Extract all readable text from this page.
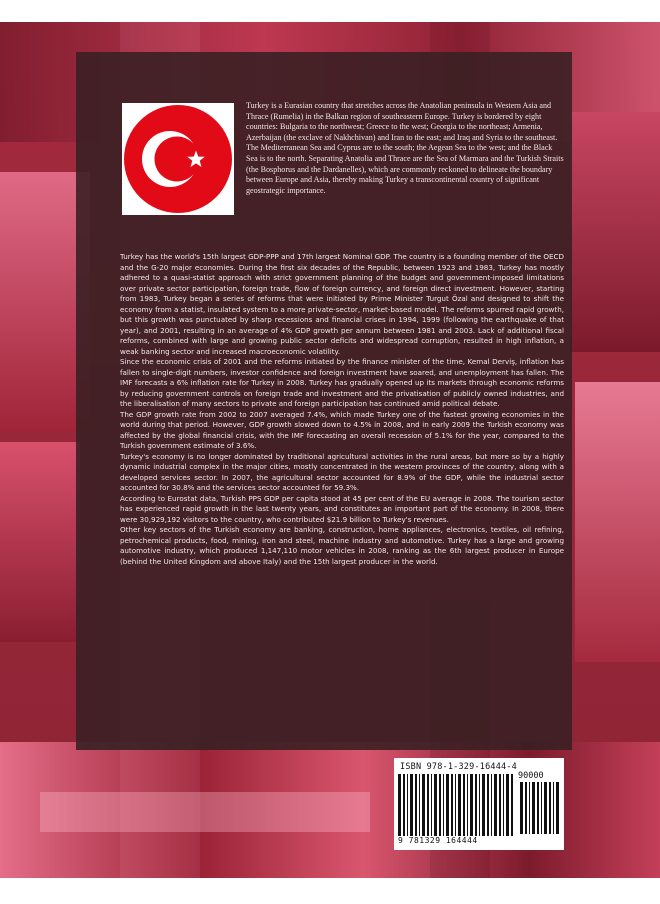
Turkey is a Eurasian country that stretches across the Anatolian peninsula in Western Asia and Thrace (Rumelia) in the Balkan region of southeastern Europe. Turkey is bordered by eight countries: Bulgaria to the northwest; Greece to the west; Georgia to the northeast; Armenia, Azerbaijan (the exclave of Nakhchivan) and Iran to the east; and Iraq and Syria to the southeast. The Mediterranean Sea and Cyprus are to the south; the Aegean Sea to the west; and the Black Sea is to the north. Separating Anatolia and Thrace are the Sea of Marmara and the Turkish Straits (the Bosphorus and the Dardanelles), which are commonly reckoned to delineate the boundary between Europe and Asia, thereby making Turkey a transcontinental country of significant geostrategic importance.

Turkey has the world's 15th largest GDP-PPP and 17th largest Nominal GDP. The country is a founding member of the OECD and the G-20 major economies. During the first six decades of the Republic, between 1923 and 1983, Turkey has mostly adhered to a quasi-statist approach with strict government planning of the budget and government-imposed limitations over private sector participation, foreign trade, flow of foreign currency, and foreign direct investment. However, starting from 1983, Turkey began a series of reforms that were initiated by Prime Minister Turgut Özal and designed to shift the economy from a statist, insulated system to a more private-sector, market-based model. The reforms spurred rapid growth, but this growth was punctuated by sharp recessions and financial crises in 1994, 1999 (following the earthquake of that year), and 2001, resulting in an average of 4% GDP growth per annum between 1981 and 2003. Lack of additional fiscal reforms, combined with large and growing public sector deficits and widespread corruption, resulted in high inflation, a weak banking sector and increased macroeconomic volatility.

Since the economic crisis of 2001 and the reforms initiated by the finance minister of the time, Kemal Derviş, inflation has fallen to single-digit numbers, investor confidence and foreign investment have soared, and unemployment has fallen. The IMF forecasts a 6% inflation rate for Turkey in 2008. Turkey has gradually opened up its markets through economic reforms by reducing government controls on foreign trade and investment and the privatisation of publicly owned industries, and the liberalisation of many sectors to private and foreign participation has continued amid political debate.

The GDP growth rate from 2002 to 2007 averaged 7.4%, which made Turkey one of the fastest growing economies in the world during that period. However, GDP growth slowed down to 4.5% in 2008, and in early 2009 the Turkish economy was affected by the global financial crisis, with the IMF forecasting an overall recession of 5.1% for the year, compared to the Turkish government estimate of 3.6%.

Turkey's economy is no longer dominated by traditional agricultural activities in the rural areas, but more so by a highly dynamic industrial complex in the major cities, mostly concentrated in the western provinces of the country, along with a developed services sector. In 2007, the agricultural sector accounted for 8.9% of the GDP, while the industrial sector accounted for 30.8% and the services sector accounted for 59.3%.

According to Eurostat data, Turkish PPS GDP per capita stood at 45 per cent of the EU average in 2008. The tourism sector has experienced rapid growth in the last twenty years, and constitutes an important part of the economy. In 2008, there were 30,929,192 visitors to the country, who contributed $21.9 billion to Turkey's revenues.

Other key sectors of the Turkish economy are banking, construction, home appliances, electronics, textiles, oil refining, petrochemical products, food, mining, iron and steel, machine industry and automotive. Turkey has a large and growing automotive industry, which produced 1,147,110 motor vehicles in 2008, ranking as the 6th largest producer in Europe (behind the United Kingdom and above Italy) and the 15th largest producer in the world.

ISBN 978-1-329-16444-4
9 781329 164444
90000
